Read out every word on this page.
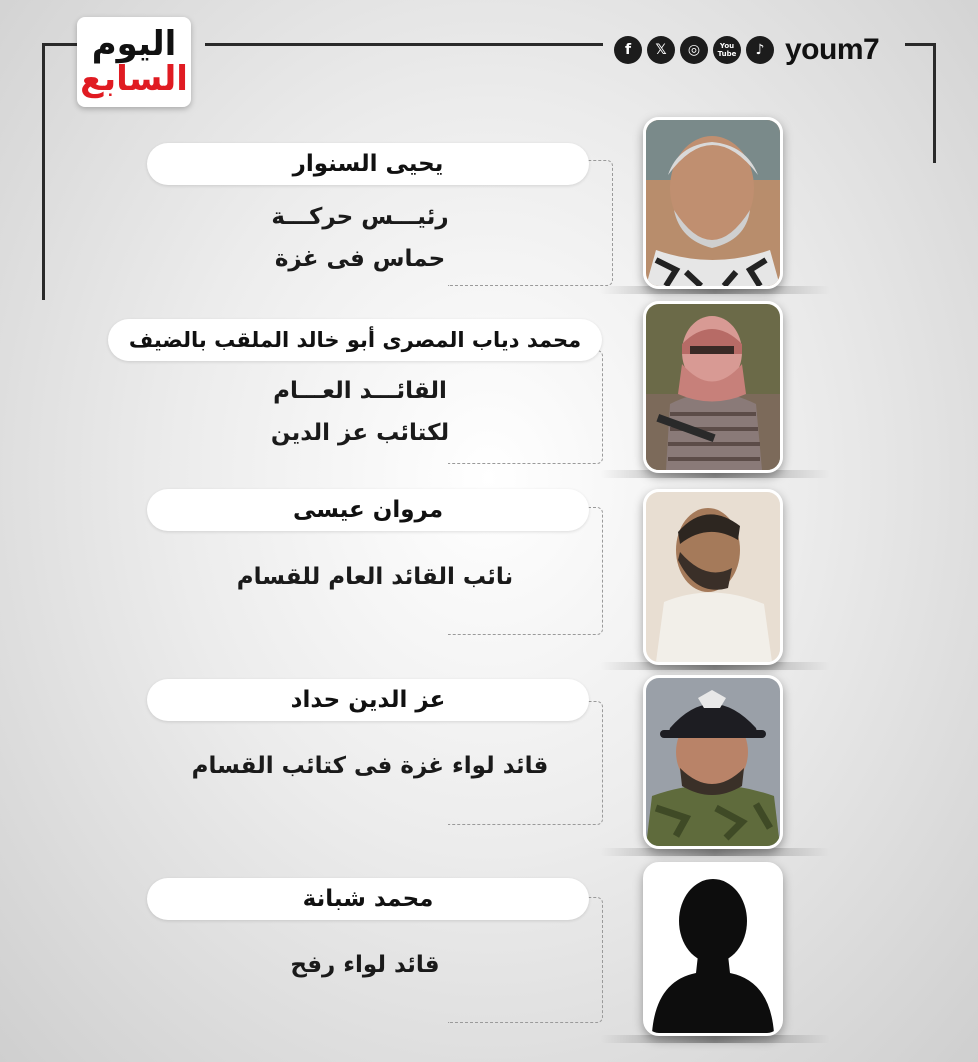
اليوم
السابع
f	𝕏	◎	You Tube	♪ youm7
يحيى السنوار
رئيـــس حركـــة
حماس فى غزة
محمد دياب المصرى أبو خالد الملقب بالضيف
القائـــد العـــام
لكتائب عز الدين
مروان عيسى
نائب القائد العام للقسام
عز الدين حداد
قائد لواء غزة فى كتائب القسام
محمد شبانة
قائد لواء رفح
